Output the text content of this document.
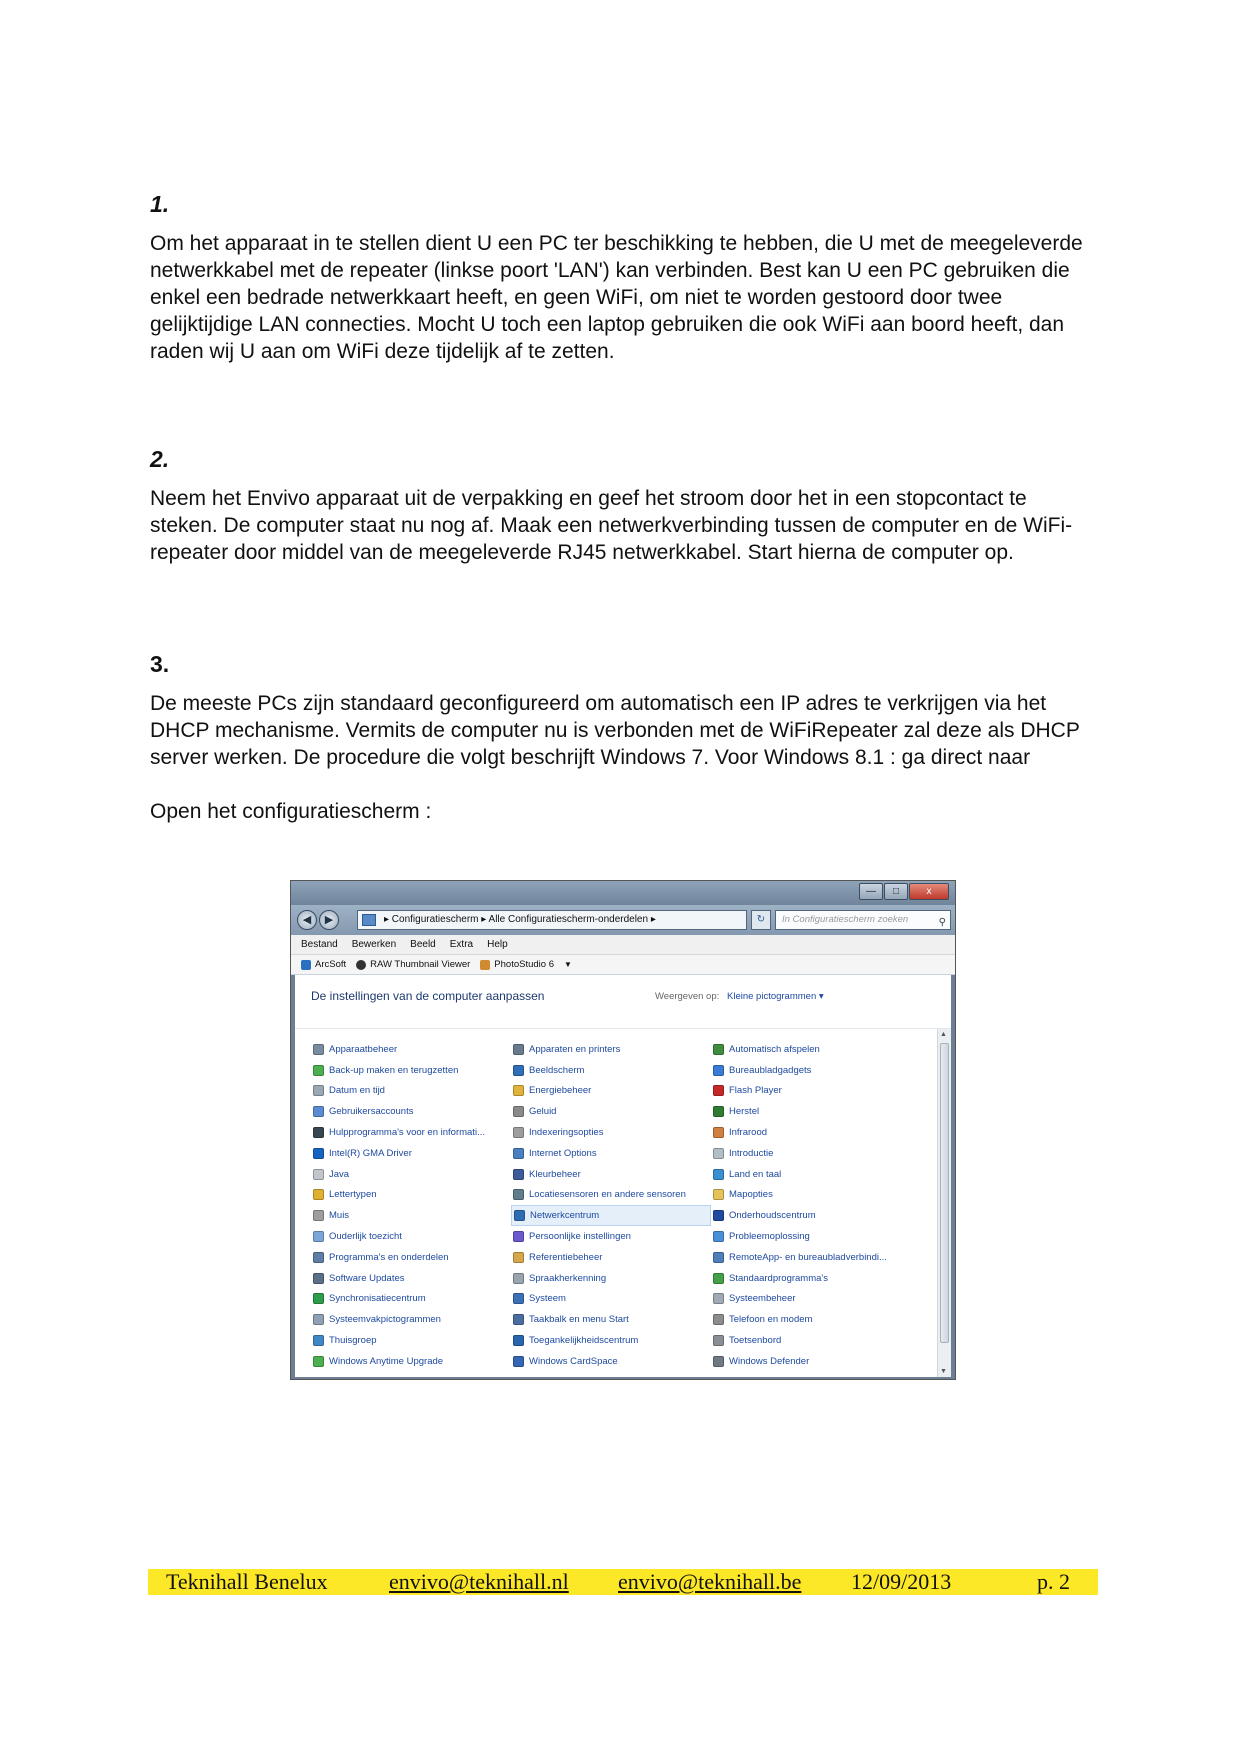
1.

Om het apparaat in te stellen dient U een PC ter beschikking te hebben, die U met de meegeleverde netwerkkabel met de repeater (linkse poort 'LAN') kan verbinden. Best kan U een PC gebruiken die enkel een bedrade netwerkkaart heeft, en geen WiFi, om niet te worden gestoord door twee gelijktijdige LAN connecties. Mocht U toch een laptop gebruiken die ook WiFi aan boord heeft, dan raden wij U aan om WiFi deze tijdelijk af te zetten.

2.

Neem het Envivo apparaat uit de verpakking en geef het stroom door het in een stopcontact te steken. De computer staat nu nog af. Maak een netwerkverbinding tussen de computer en de WiFi-repeater door middel van de meegeleverde RJ45 netwerkkabel. Start hierna de computer op.

3.

De meeste PCs zijn standaard geconfigureerd om automatisch een IP adres te verkrijgen via het DHCP mechanisme. Vermits de computer nu is verbonden met de WiFiRepeater zal deze als DHCP server werken. De procedure die volgt beschrijft Windows 7. Voor Windows 8.1 : ga direct naar

Open het configuratiescherm :

—	□	x
◀	▶	▸ Configuratiescherm ▸ Alle Configuratiescherm-onderdelen ▸	↻	In Configuratiescherm zoeken	⚲
Bestand Bewerken Beeld Extra Help
ArcSoft	RAW Thumbnail Viewer	PhotoStudio 6 ▼
De instellingen van de computer aanpassen	Weergeven op: Kleine pictogrammen ▾
Apparaatbeheer	Apparaten en printers	Automatisch afspelen
Back-up maken en terugzetten	Beeldscherm	Bureaubladgadgets
Datum en tijd	Energiebeheer	Flash Player
Gebruikersaccounts	Geluid	Herstel
Hulpprogramma's voor en informati...	Indexeringsopties	Infrarood
Intel(R) GMA Driver	Internet Options	Introductie
Java	Kleurbeheer	Land en taal
Lettertypen	Locatiesensoren en andere sensoren	Mapopties
Muis	Netwerkcentrum	Onderhoudscentrum
Ouderlijk toezicht	Persoonlijke instellingen	Probleemoplossing
Programma's en onderdelen	Referentiebeheer	RemoteApp- en bureaubladverbindi...
Software Updates	Spraakherkenning	Standaardprogramma's
Synchronisatiecentrum	Systeem	Systeembeheer
Systeemvakpictogrammen	Taakbalk en menu Start	Telefoon en modem
Thuisgroep	Toegankelijkheidscentrum	Toetsenbord
Windows Anytime Upgrade	Windows CardSpace	Windows Defender
▲
▼
Teknihall Benelux	envivo@teknihall.nl envivo@teknihall.be 12/09/2013	p. 2
